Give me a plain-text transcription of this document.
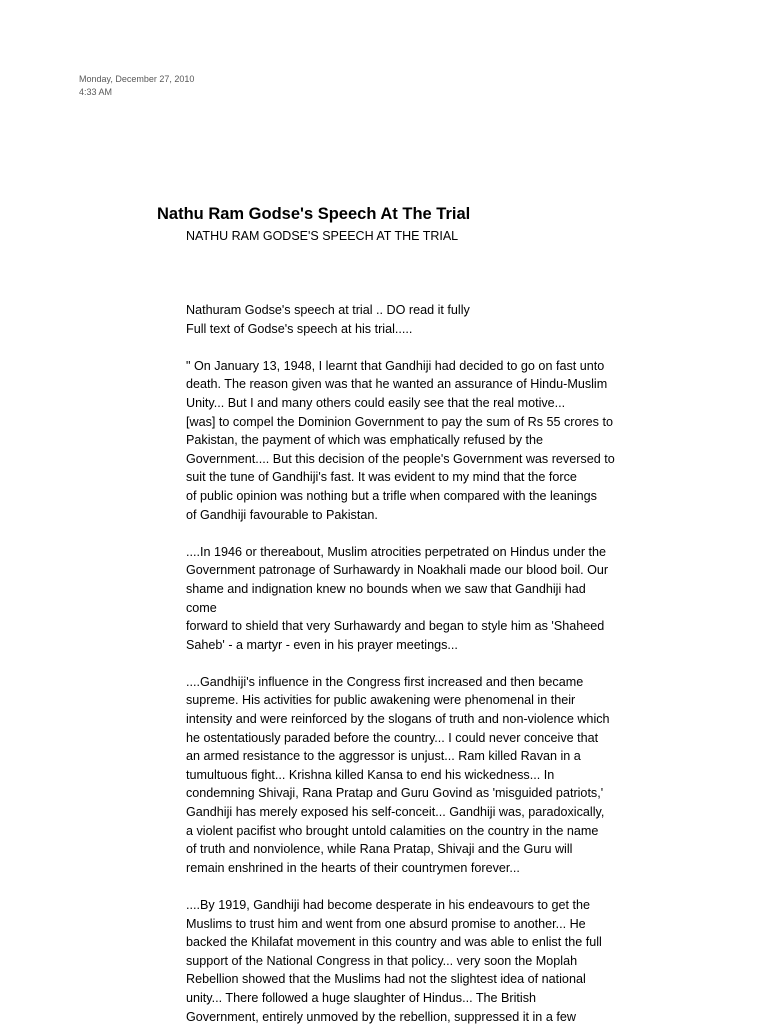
Monday, December 27, 2010
4:33 AM
Nathu Ram Godse's Speech At The Trial
NATHU RAM GODSE'S SPEECH AT THE TRIAL
Nathuram Godse's speech at trial .. DO read it fully
Full text of Godse's speech at his trial.....
" On January 13, 1948, I learnt that Gandhiji had decided to go on fast unto
death. The reason given was that he wanted an assurance of Hindu-Muslim
Unity... But I and many others could easily see that the real motive...
[was] to compel the Dominion Government to pay the sum of Rs 55 crores to
Pakistan, the payment of which was emphatically refused by the
Government.... But this decision of the people's Government was reversed to
suit the tune of Gandhiji's fast. It was evident to my mind that the force
of public opinion was nothing but a trifle when compared with the leanings
of Gandhiji favourable to Pakistan.
....In 1946 or thereabout, Muslim atrocities perpetrated on Hindus under the
Government patronage of Surhawardy in Noakhali made our blood boil. Our
shame and indignation knew no bounds when we saw that Gandhiji had
come
forward to shield that very Surhawardy and began to style him as 'Shaheed
Saheb' - a martyr - even in his prayer meetings...
....Gandhiji's influence in the Congress first increased and then became
supreme. His activities for public awakening were phenomenal in their
intensity and were reinforced by the slogans of truth and non-violence which
he ostentatiously paraded before the country... I could never conceive that
an armed resistance to the aggressor is unjust... Ram killed Ravan in a
tumultuous fight... Krishna killed Kansa to end his wickedness... In
condemning Shivaji, Rana Pratap and Guru Govind as 'misguided patriots,'
Gandhiji has merely exposed his self-conceit... Gandhiji was, paradoxically,
a violent pacifist who brought untold calamities on the country in the name
of truth and nonviolence, while Rana Pratap, Shivaji and the Guru will
remain enshrined in the hearts of their countrymen forever...
....By 1919, Gandhiji had become desperate in his endeavours to get the
Muslims to trust him and went from one absurd promise to another... He
backed the Khilafat movement in this country and was able to enlist the full
support of the National Congress in that policy... very soon the Moplah
Rebellion showed that the Muslims had not the slightest idea of national
unity... There followed a huge slaughter of Hindus... The British
Government, entirely unmoved by the rebellion, suppressed it in a few
